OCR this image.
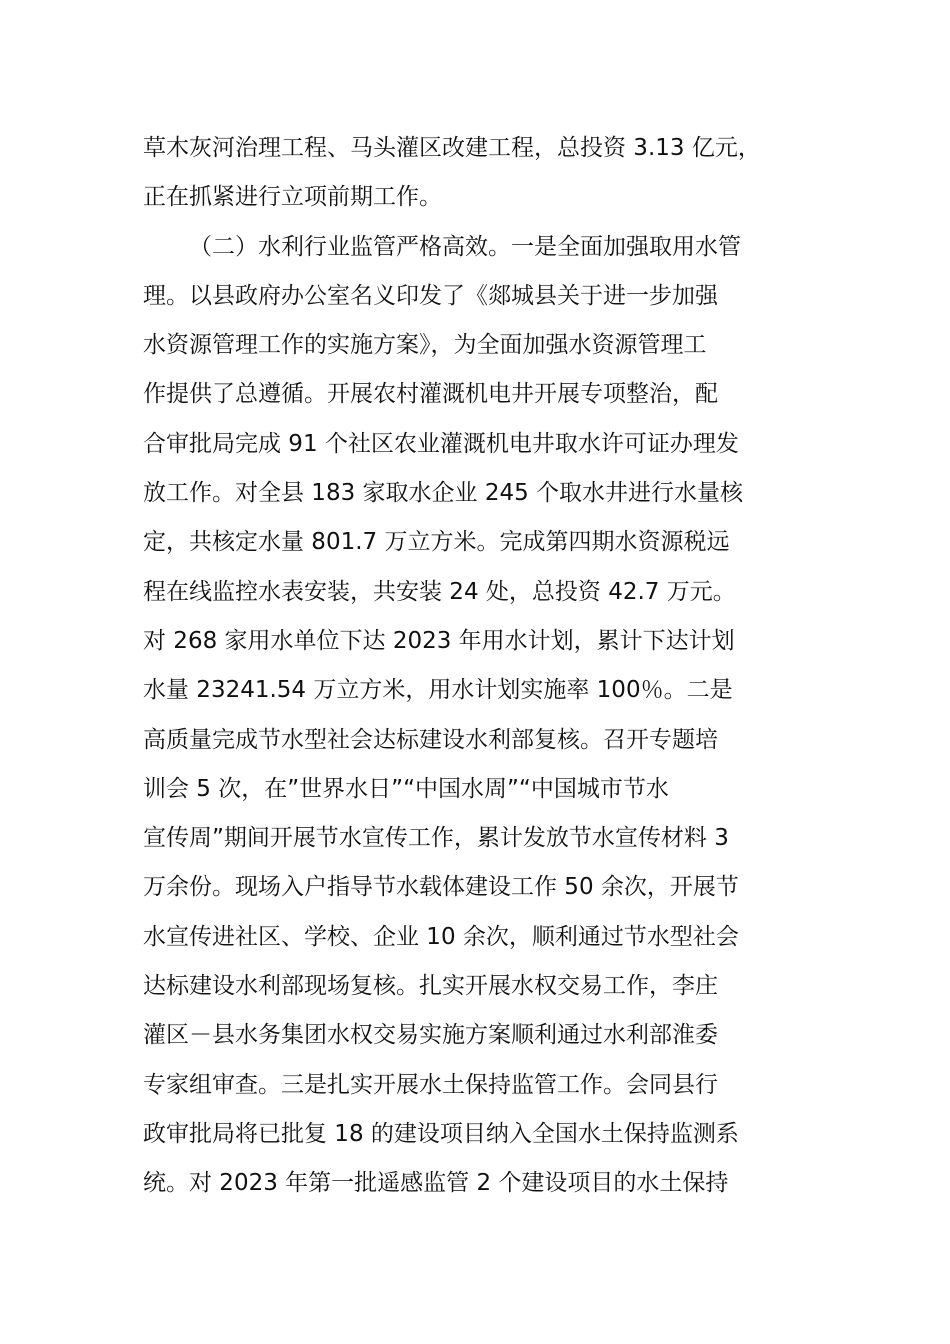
草木灰河治理工程、马头灌区改建工程，总投资 3.13 亿元，
正在抓紧进行立项前期工作。
（二）水利行业监管严格高效。一是全面加强取用水管
理。以县政府办公室名义印发了《郯城县关于进一步加强
水资源管理工作的实施方案》，为全面加强水资源管理工
作提供了总遵循。开展农村灌溉机电井开展专项整治，配
合审批局完成 91 个社区农业灌溉机电井取水许可证办理发
放工作。对全县 183 家取水企业 245 个取水井进行水量核
定，共核定水量 801.7 万立方米。完成第四期水资源税远
程在线监控水表安装，共安装 24 处，总投资 42.7 万元。
对 268 家用水单位下达 2023 年用水计划，累计下达计划
水量 23241.54 万立方米，用水计划实施率 100％。二是
高质量完成节水型社会达标建设水利部复核。召开专题培
训会 5 次，在”世界水日”“中国水周”“中国城市节水
宣传周”期间开展节水宣传工作，累计发放节水宣传材料 3
万余份。现场入户指导节水载体建设工作 50 余次，开展节
水宣传进社区、学校、企业 10 余次，顺利通过节水型社会
达标建设水利部现场复核。扎实开展水权交易工作，李庄
灌区－县水务集团水权交易实施方案顺利通过水利部淮委
专家组审查。三是扎实开展水土保持监管工作。会同县行
政审批局将已批复 18 的建设项目纳入全国水土保持监测系
统。对 2023 年第一批遥感监管 2 个建设项目的水土保持
